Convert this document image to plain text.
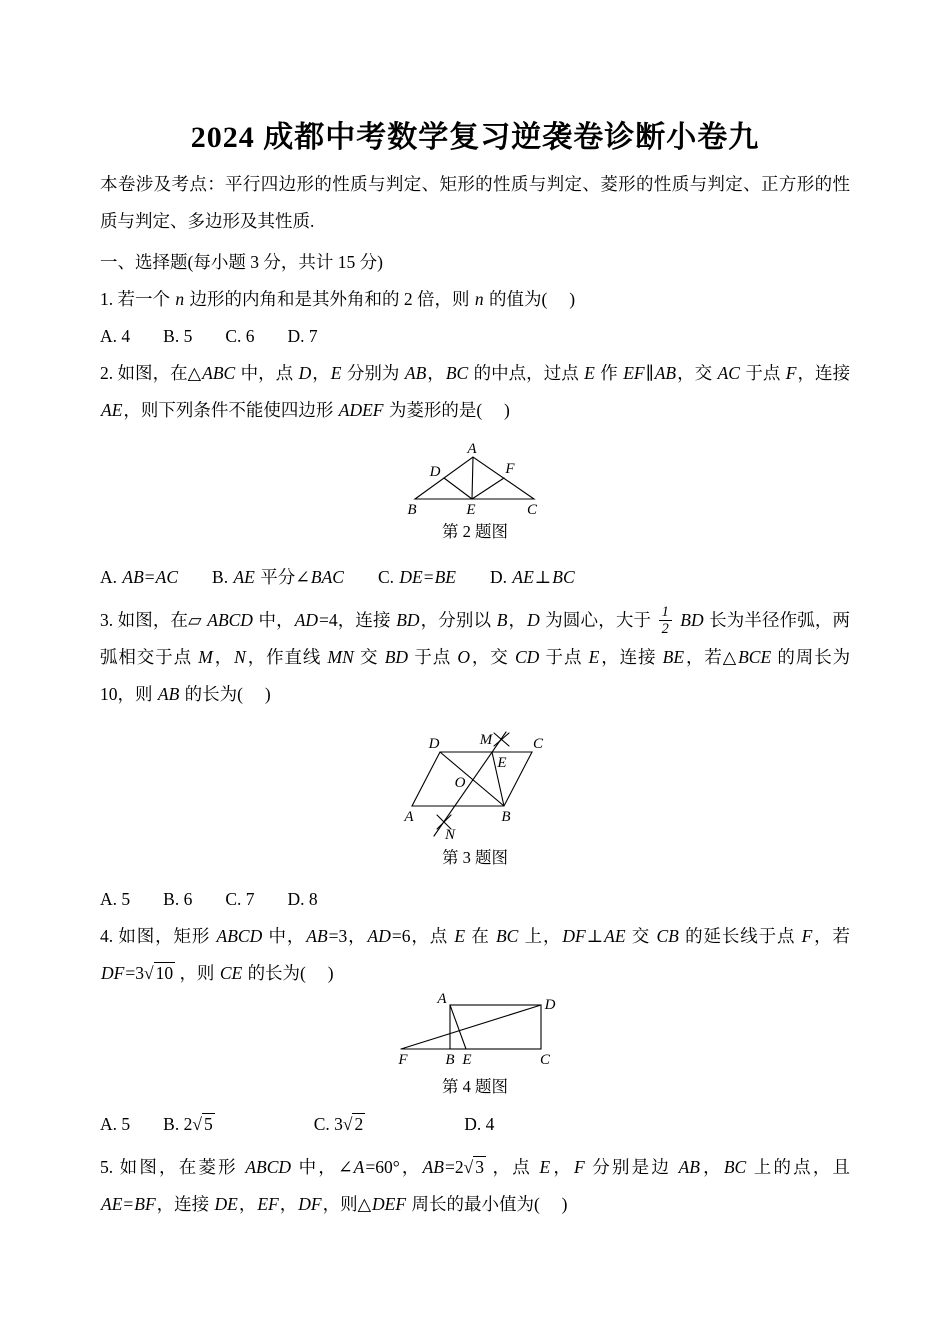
2024 成都中考数学复习逆袭卷诊断小卷九

本卷涉及考点：平行四边形的性质与判定、矩形的性质与判定、菱形的性质与判定、正方形的性质与判定、多边形及其性质.

一、选择题(每小题 3 分，共计 15 分)

1. 若一个 n 边形的内角和是其外角和的 2 倍，则 n 的值为(     )

A. 4 B. 5 C. 6 D. 7

2. 如图，在△ABC 中，点 D，E 分别为 AB，BC 的中点，过点 E 作 EF∥AB，交 AC 于点 F，连接 AE，则下列条件不能使四边形 ADEF 为菱形的是(     )

A
D	F
B	E	C

第 2 题图

A. AB=AC B. AE 平分∠BAC C. DE=BE D. AE⊥BC

3. 如图，在▱ ABCD 中，AD=4，连接 BD，分别以 B，D 为圆心，大于 $\frac{1}{2}$ BD 长为半径作弧，两弧相交于点 M，N，作直线 MN 交 BD 于点 O，交 CD 于点 E，连接 BE，若△BCE 的周长为 10，则 AB 的长为(     )

D	M	C
E
O
A
N
B

第 3 题图

A. 5 B. 6 C. 7 D. 8

4. 如图，矩形 ABCD 中，AB=3，AD=6，点 E 在 BC 上，DF⊥AE 交 CB 的延长线于点 F，若 DF=3√ 10 ，则 CE 的长为(     )

A	D
F	B E	C

第 4 题图

A. 5 B. 2√ 5	C. 3√ 2	D. 4

5. 如图，在菱形 ABCD 中，∠A=60°，AB=2√ 3 ，点 E，F 分别是边 AB，BC 上的点，且 AE=BF，连接 DE，EF，DF，则△DEF 周长的最小值为(     )
